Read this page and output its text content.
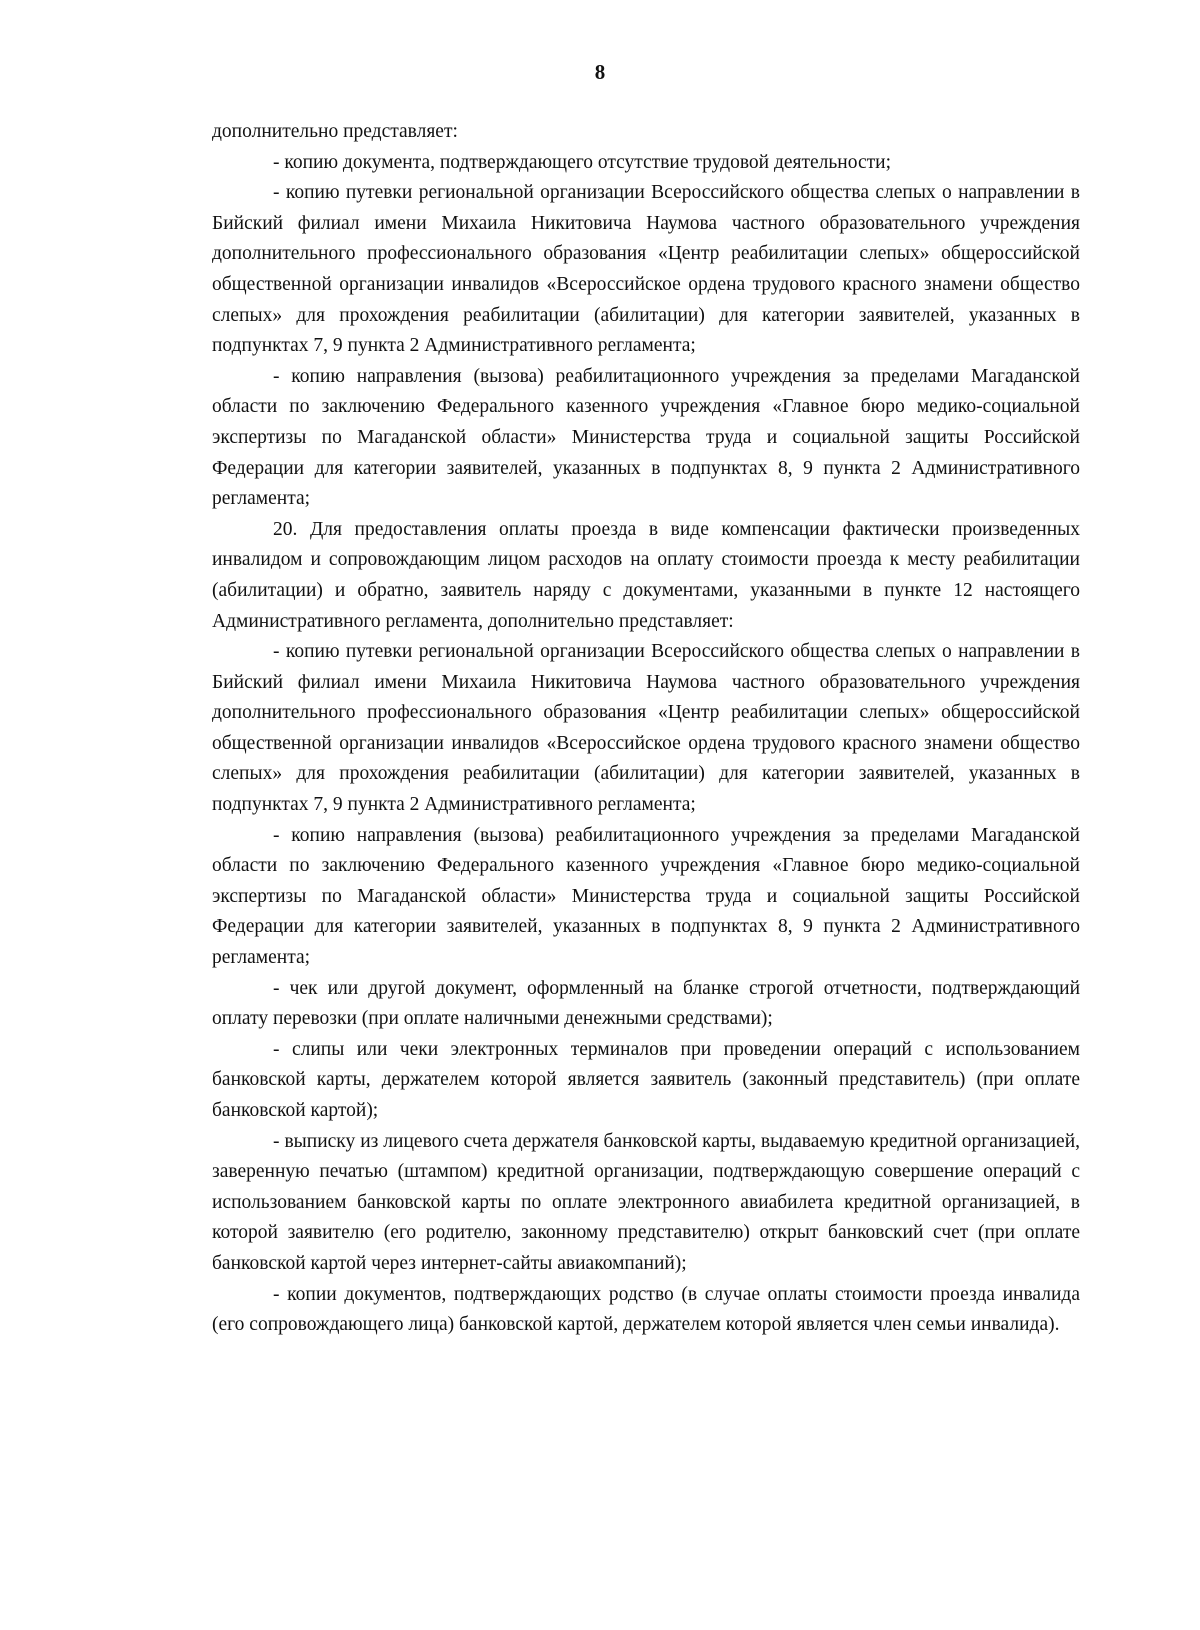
8

дополнительно представляет:

- копию документа, подтверждающего отсутствие трудовой деятельности;

- копию путевки региональной организации Всероссийского общества слепых о направлении в Бийский филиал имени Михаила Никитовича Наумова частного образовательного учреждения дополнительного профессионального образования «Центр реабилитации слепых» общероссийской общественной организации инвалидов «Всероссийское ордена трудового красного знамени общество слепых» для прохождения реабилитации (абилитации) для категории заявителей, указанных в подпунктах 7, 9 пункта 2 Административного регламента;

- копию направления (вызова) реабилитационного учреждения за пределами Магаданской области по заключению Федерального казенного учреждения «Главное бюро медико-социальной экспертизы по Магаданской области» Министерства труда и социальной защиты Российской Федерации для категории заявителей, указанных в подпунктах 8, 9 пункта 2 Административного регламента;

20. Для предоставления оплаты проезда в виде компенсации фактически произведенных инвалидом и сопровождающим лицом расходов на оплату стоимости проезда к месту реабилитации (абилитации) и обратно, заявитель наряду с документами, указанными в пункте 12 настоящего Административного регламента, дополнительно представляет:

- копию путевки региональной организации Всероссийского общества слепых о направлении в Бийский филиал имени Михаила Никитовича Наумова частного образовательного учреждения дополнительного профессионального образования «Центр реабилитации слепых» общероссийской общественной организации инвалидов «Всероссийское ордена трудового красного знамени общество слепых» для прохождения реабилитации (абилитации) для категории заявителей, указанных в подпунктах 7, 9 пункта 2 Административного регламента;

- копию направления (вызова) реабилитационного учреждения за пределами Магаданской области по заключению Федерального казенного учреждения «Главное бюро медико-социальной экспертизы по Магаданской области» Министерства труда и социальной защиты Российской Федерации для категории заявителей, указанных в подпунктах 8, 9 пункта 2 Административного регламента;

- чек или другой документ, оформленный на бланке строгой отчетности, подтверждающий оплату перевозки (при оплате наличными денежными средствами);

- слипы или чеки электронных терминалов при проведении операций с использованием банковской карты, держателем которой является заявитель (законный представитель) (при оплате банковской картой);

- выписку из лицевого счета держателя банковской карты, выдаваемую кредитной организацией, заверенную печатью (штампом) кредитной организации, подтверждающую совершение операций с использованием банковской карты по оплате электронного авиабилета кредитной организацией, в которой заявителю (его родителю, законному представителю) открыт банковский счет (при оплате банковской картой через интернет-сайты авиакомпаний);

- копии документов, подтверждающих родство (в случае оплаты стоимости проезда инвалида (его сопровождающего лица) банковской картой, держателем которой является член семьи инвалида).
